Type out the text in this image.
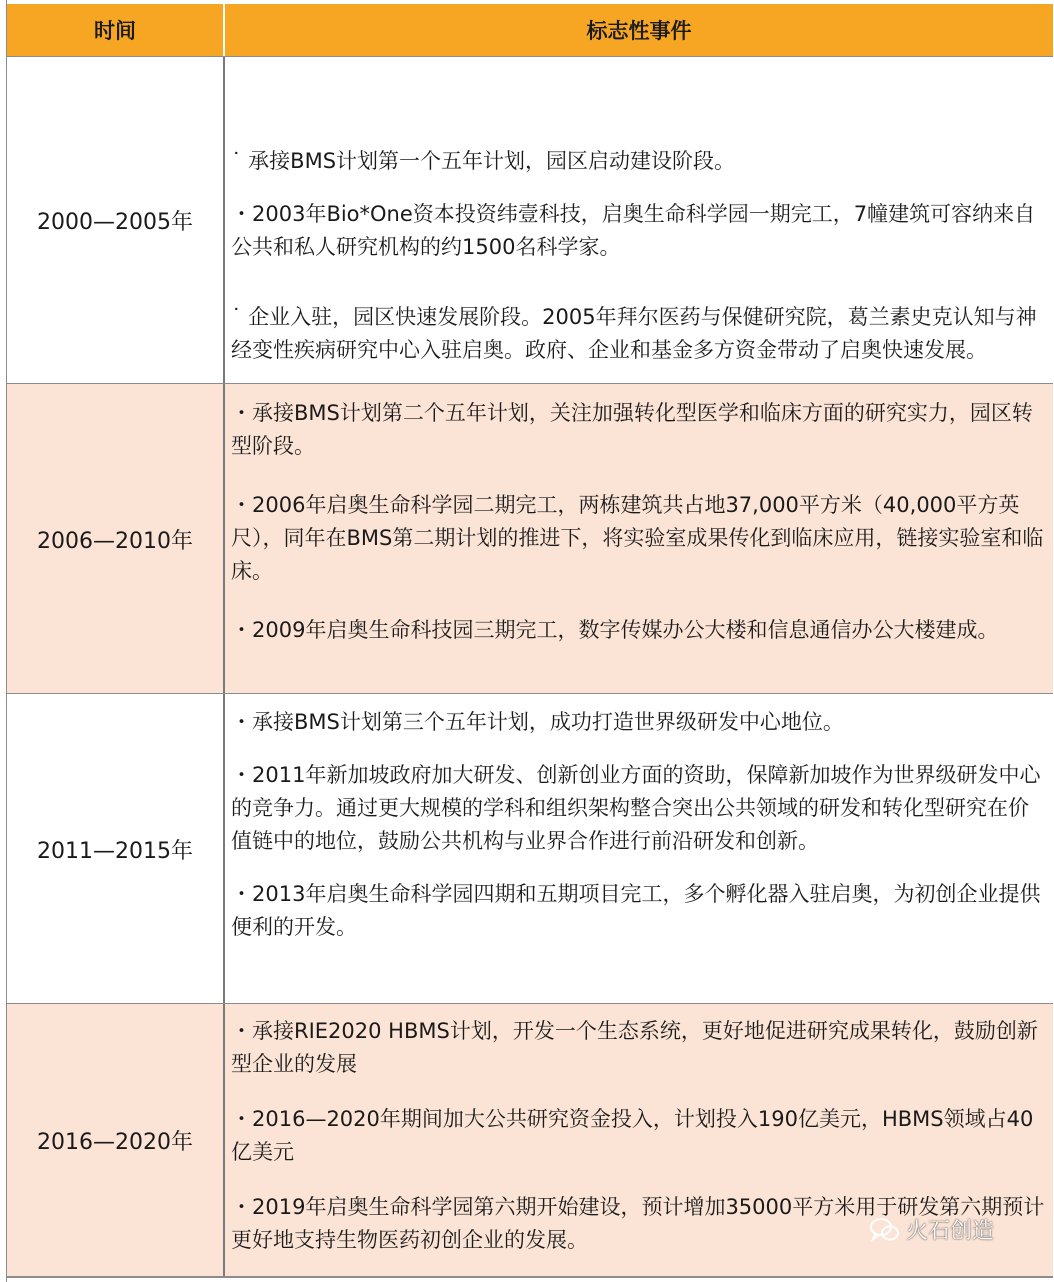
时间	标志性事件
2000—2005年

˙ 承接BMS计划第一个五年计划，园区启动建设阶段。

・2003年Bio*One资本投资纬壹科技，启奥生命科学园一期完工，7幢建筑可容纳来自公共和私人研究机构的约1500名科学家。

˙ 企业入驻，园区快速发展阶段。2005年拜尔医药与保健研究院，葛兰素史克认知与神经变性疾病研究中心入驻启奥。政府、企业和基金多方资金带动了启奥快速发展。

2006—2010年

・承接BMS计划第二个五年计划，关注加强转化型医学和临床方面的研究实力，园区转型阶段。

・2006年启奥生命科学园二期完工，两栋建筑共占地37,000平方米（40,000平方英尺），同年在BMS第二期计划的推进下，将实验室成果传化到临床应用，链接实验室和临床。

・2009年启奥生命科技园三期完工，数字传媒办公大楼和信息通信办公大楼建成。

2011—2015年

・承接BMS计划第三个五年计划，成功打造世界级研发中心地位。

・2011年新加坡政府加大研发、创新创业方面的资助，保障新加坡作为世界级研发中心的竞争力。通过更大规模的学科和组织架构整合突出公共领域的研发和转化型研究在价值链中的地位，鼓励公共机构与业界合作进行前沿研发和创新。

・2013年启奥生命科学园四期和五期项目完工，多个孵化器入驻启奥，为初创企业提供便利的开发。

2016—2020年

・承接RIE2020 HBMS计划，开发一个生态系统，更好地促进研究成果转化，鼓励创新型企业的发展

・2016—2020年期间加大公共研究资金投入，计划投入190亿美元，HBMS领域占40亿美元

・2019年启奥生命科学园第六期开始建设，预计增加35000平方米用于研发第六期预计更好地支持生物医药初创企业的发展。	火石创造
